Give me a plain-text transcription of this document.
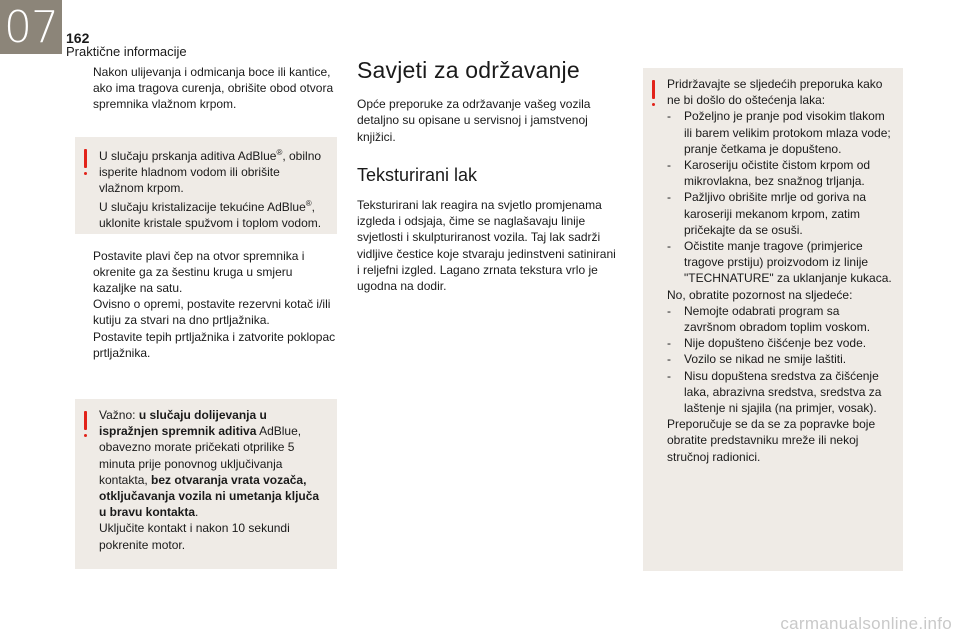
07 162
Praktične informacije
Nakon ulijevanja i odmicanja boce ili kantice, ako ima tragova curenja, obrišite obod otvora spremnika vlažnom krpom.
U slučaju prskanja aditiva AdBlue®, obilno isperite hladnom vodom ili obrišite vlažnom krpom.
U slučaju kristalizacije tekućine AdBlue®, uklonite kristale spužvom i toplom vodom.
Postavite plavi čep na otvor spremnika i okrenite ga za šestinu kruga u smjeru kazaljke na satu.
Ovisno o opremi, postavite rezervni kotač i/ili kutiju za stvari na dno prtljažnika.
Postavite tepih prtljažnika i zatvorite poklopac prtljažnika.
Važno: u slučaju dolijevanja u ispražnjen spremnik aditiva AdBlue, obavezno morate pričekati otprilike 5 minuta prije ponovnog uključivanja kontakta, bez otvaranja vrata vozača, otključavanja vozila ni umetanja ključa u bravu kontakta.
Uključite kontakt i nakon 10 sekundi pokrenite motor.
Savjeti za održavanje

Opće preporuke za održavanje vašeg vozila detaljno su opisane u servisnoj i jamstvenoj knjižici.

Teksturirani lak

Teksturirani lak reagira na svjetlo promjenama izgleda i odsjaja, čime se naglašavaju linije svjetlosti i skulpturiranost vozila. Taj lak sadrži vidljive čestice koje stvaraju jedinstveni satinirani i reljefni izgled. Lagano zrnata tekstura vrlo je ugodna na dodir.

Pridržavajte se sljedećih preporuka kako ne bi došlo do oštećenja laka:

-	Poželjno je pranje pod visokim tlakom ili barem velikim protokom mlaza vode; pranje četkama je dopušteno.
-	Karoseriju očistite čistom krpom od mikrovlakna, bez snažnog trljanja.
-	Pažljivo obrišite mrlje od goriva na karoseriji mekanom krpom, zatim pričekajte da se osuši.
-	Očistite manje tragove (primjerice tragove prstiju) proizvodom iz linije "TECHNATURE" za uklanjanje kukaca.

No, obratite pozornost na sljedeće:

-	Nemojte odabrati program sa završnom obradom toplim voskom.
-	Nije dopušteno čišćenje bez vode.
-	Vozilo se nikad ne smije laštiti.
-	Nisu dopuštena sredstva za čišćenje laka, abrazivna sredstva, sredstva za laštenje ni sjajila (na primjer, vosak).

Preporučuje se da se za popravke boje obratite predstavniku mreže ili nekoj stručnoj radionici.

carmanualsonline.info
